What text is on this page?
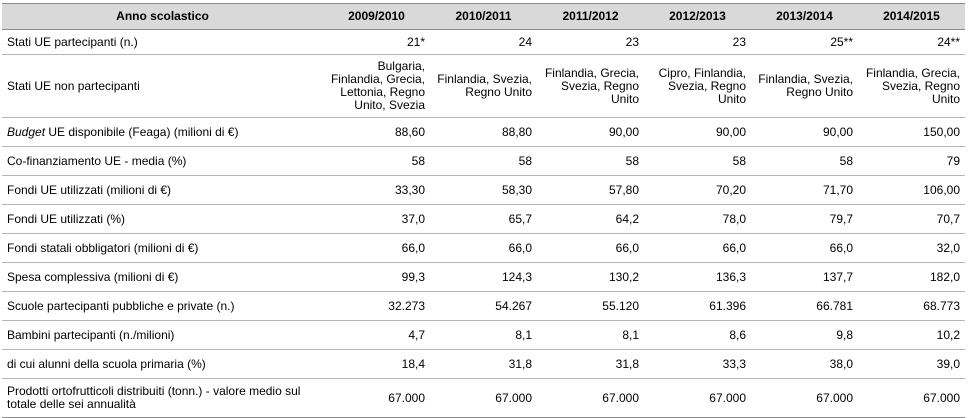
Anno scolastico	2009/2010	2010/2011	2011/2012	2012/2013	2013/2014	2014/2015
Stati UE partecipanti (n.)	21*	24	23	23	25**	24**
Stati UE non partecipanti	Bulgaria, Finlandia, Grecia, Lettonia, Regno Unito, Svezia	Finlandia, Svezia, Regno Unito	Finlandia, Grecia, Svezia, Regno Unito	Cipro, Finlandia, Svezia, Regno Unito	Finlandia, Svezia, Regno Unito	Finlandia, Grecia, Svezia, Regno Unito
Budget UE disponibile (Feaga) (milioni di €)	88,60	88,80	90,00	90,00	90,00	150,00
Co-finanziamento UE - media (%)	58	58	58	58	58	79
Fondi UE utilizzati (milioni di €)	33,30	58,30	57,80	70,20	71,70	106,00
Fondi UE utilizzati (%)	37,0	65,7	64,2	78,0	79,7	70,7
Fondi statali obbligatori (milioni di €)	66,0	66,0	66,0	66,0	66,0	32,0
Spesa complessiva (milioni di €)	99,3	124,3	130,2	136,3	137,7	182,0
Scuole partecipanti pubbliche e private (n.)	32.273	54.267	55.120	61.396	66.781	68.773
Bambini partecipanti (n./milioni)	4,7	8,1	8,1	8,6	9,8	10,2
di cui alunni della scuola primaria (%)	18,4	31,8	31,8	33,3	38,0	39,0
Prodotti ortofrutticoli distribuiti (tonn.) - valore medio sul totale delle sei annualità	67.000	67.000	67.000	67.000	67.000	67.000
